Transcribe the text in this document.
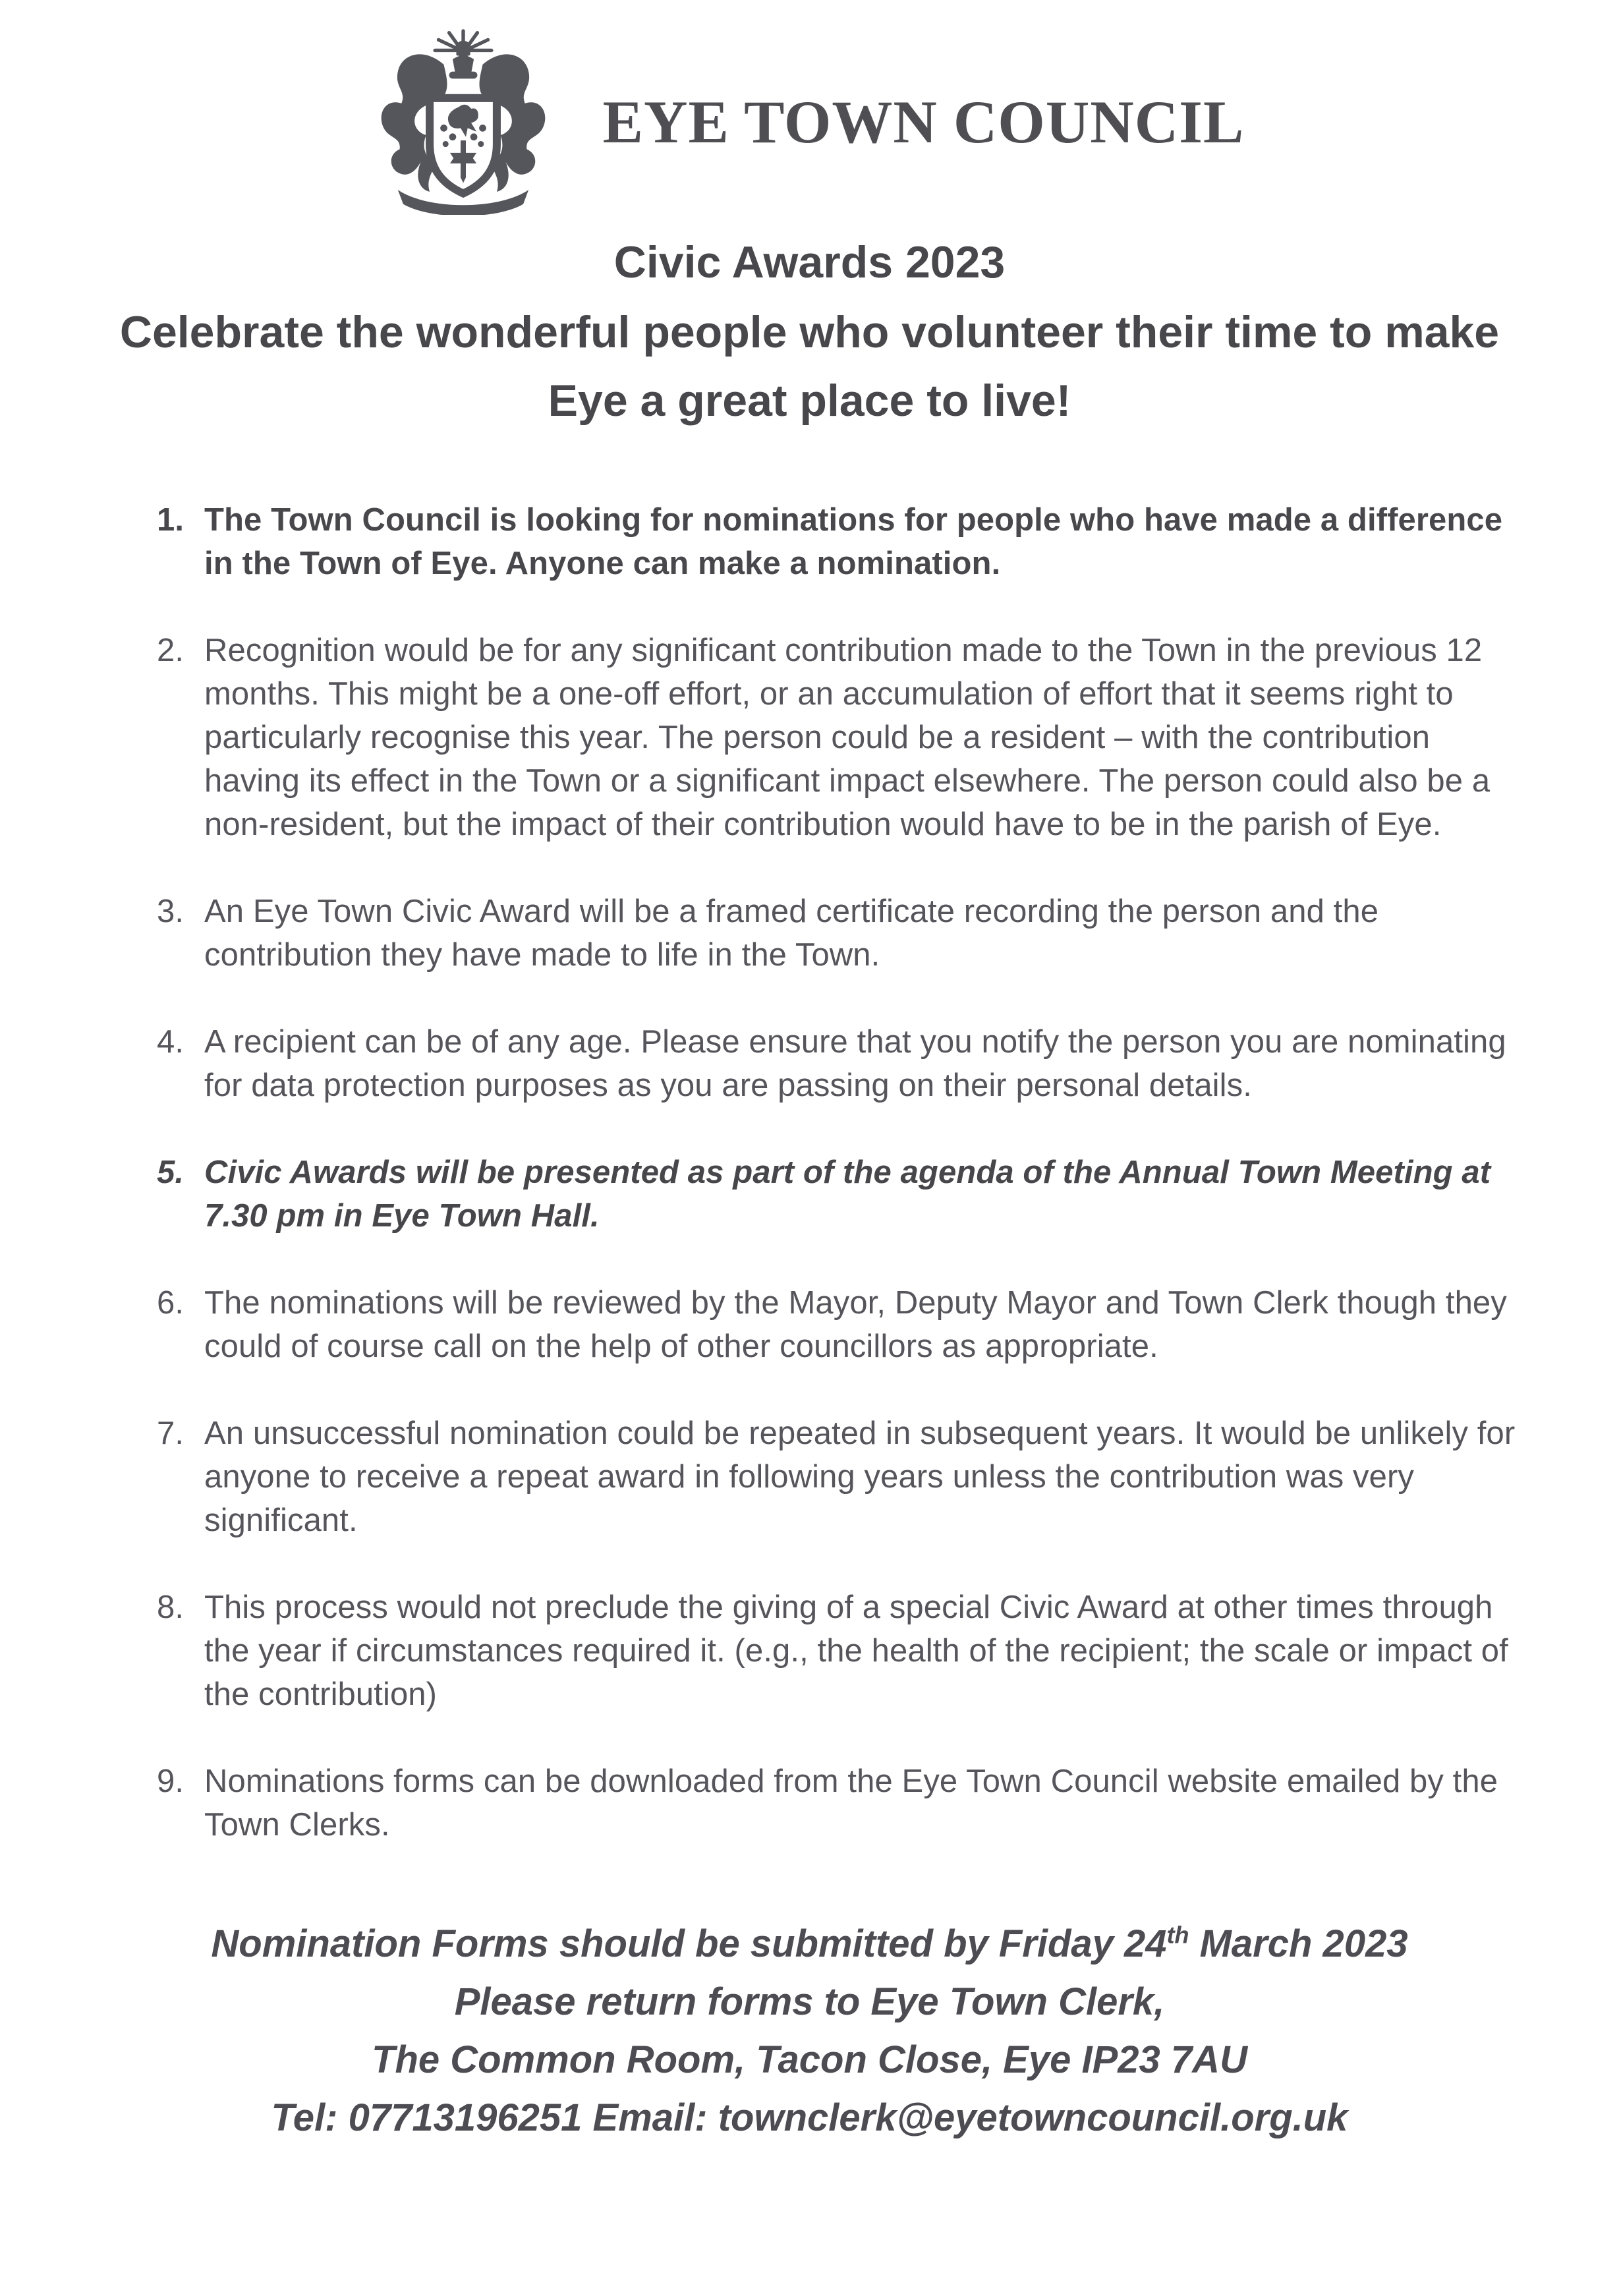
EYE TOWN COUNCIL
Civic Awards 2023
Celebrate the wonderful people who volunteer their time to make
Eye a great place to live!
1. The Town Council is looking for nominations for people who have made a difference in the Town of Eye. Anyone can make a nomination.
2. Recognition would be for any significant contribution made to the Town in the previous 12 months. This might be a one-off effort, or an accumulation of effort that it seems right to particularly recognise this year. The person could be a resident – with the contribution having its effect in the Town or a significant impact elsewhere. The person could also be a non-resident, but the impact of their contribution would have to be in the parish of Eye.
3. An Eye Town Civic Award will be a framed certificate recording the person and the contribution they have made to life in the Town.
4. A recipient can be of any age. Please ensure that you notify the person you are nominating for data protection purposes as you are passing on their personal details.
5. Civic Awards will be presented as part of the agenda of the Annual Town Meeting at 7.30 pm in Eye Town Hall.
6. The nominations will be reviewed by the Mayor, Deputy Mayor and Town Clerk though they could of course call on the help of other councillors as appropriate.
7. An unsuccessful nomination could be repeated in subsequent years. It would be unlikely for anyone to receive a repeat award in following years unless the contribution was very significant.
8. This process would not preclude the giving of a special Civic Award at other times through the year if circumstances required it. (e.g., the health of the recipient; the scale or impact of the contribution)
9. Nominations forms can be downloaded from the Eye Town Council website emailed by the Town Clerks.
Nomination Forms should be submitted by Friday 24th March 2023
Please return forms to Eye Town Clerk,
The Common Room, Tacon Close, Eye IP23 7AU
Tel: 07713196251 Email: townclerk@eyetowncouncil.org.uk
